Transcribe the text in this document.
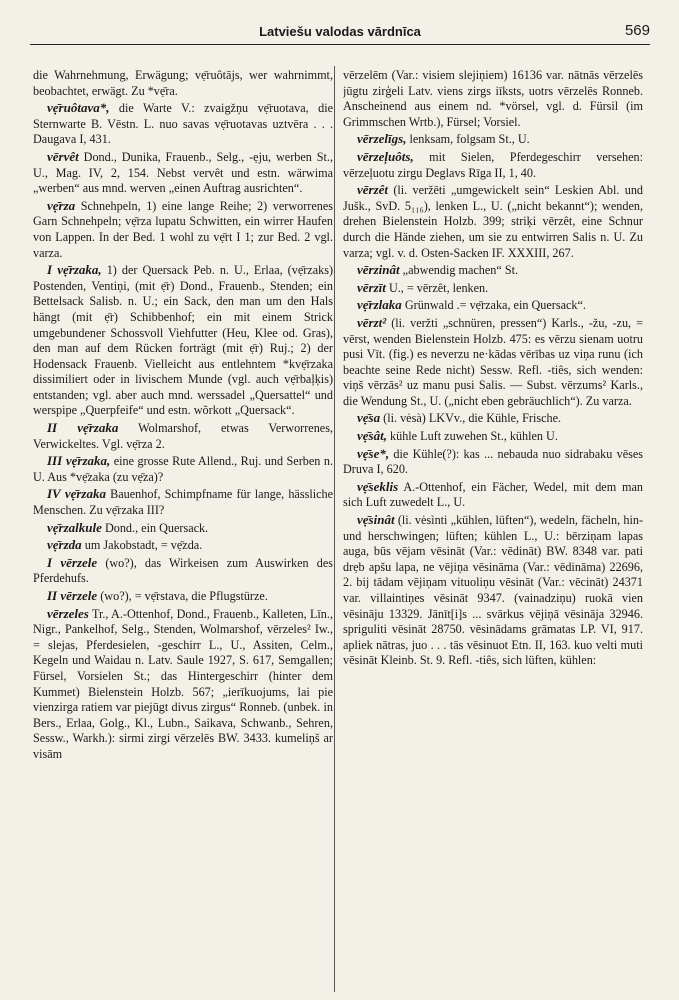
Latviešu valodas vārdnīca	569

die Wahrnehmung, Erwägung; vẹ̄ruôtājs, wer wahrnimmt, beobachtet, erwägt. Zu *vẹ̄ra.

vẹ̄ruôtava*, die Warte V.: zvaigžņu vẹ̄ruotava, die Sternwarte B. Vēstn. L. nuo savas vẹ̄ruotavas uztvēra . . . Daugava I, 431.

vērvêt Dond., Dunika, Frauenb., Selg., -ẹju, werben St., U., Mag. IV, 2, 154. Nebst vervêt und estn. wärwima „werben“ aus mnd. werven „einen Auftrag ausrichten“.

vẹ̄rza Schnehpeln, 1) eine lange Reihe; 2) verworrenes Garn Schnehpeln; vẹ̄rza lupatu Schwitten, ein wirrer Haufen von Lappen. In der Bed. 1 wohl zu vẹ̄rt I 1; zur Bed. 2 vgl. varza.

I vẹ̄rzaka, 1) der Quersack Peb. n. U., Erlaa, (vẹ̄rzaks) Postenden, Ventiņi, (mit ẹ̄r) Dond., Frauenb., Stenden; ein Bettelsack Salisb. n. U.; ein Sack, den man um den Hals hängt (mit ẹ̄r) Schibbenhof; ein mit einem Strick umgebundener Schossvoll Viehfutter (Heu, Klee od. Gras), den man auf dem Rücken forträgt (mit ẹ̄r) Ruj.; 2) der Hodensack Frauenb. Vielleicht aus entlehntem *kvẹ̄rzaka dissimiliert oder in livischem Munde (vgl. auch vẹ̄rbaļķis) entstanden; vgl. aber auch mnd. werssadel „Quersattel“ und werspipe „Querpfeife“ und estn. wõrkott „Quersack“.

II vẹ̄rzaka Wolmarshof, etwas Verworrenes, Verwickeltes. Vgl. vẹ̄rza 2.

III vẹ̄rzaka, eine grosse Rute Allend., Ruj. und Serben n. U. Aus *vẹ̄zaka (zu vẹ̄za)?

IV vẹ̄rzaka Bauenhof, Schimpfname für lange, hässliche Menschen. Zu vẹ̄rzaka III?

vẹ̄rzalkule Dond., ein Quersack.

vẹ̄rzda um Jakobstadt, = vẹ̄zda.

I vērzele (wo?), das Wirkeisen zum Auswirken des Pferdehufs.

II vērzele (wo?), = vẹ̄rstava, die Pflugstürze.

vērzeles Tr., A.-Ottenhof, Dond., Frauenb., Kalleten, Līn., Nigr., Pankelhof, Selg., Stenden, Wolmarshof, vērzeles² Iw., = slejas, Pferdesielen, -geschirr L., U., Assiten, Celm., Kegeln und Waidau n. Latv. Saule 1927, S. 617, Semgallen; Fürsel, Vorsielen St.; das Hintergeschirr (hinter dem Kummet) Bielenstein Holzb. 567; „ierīkuojums, lai pie vienzirga ratiem var piejūgt divus zirgus“ Ronneb. (unbek. in Bers., Erlaa, Golg., Kl., Lubn., Saikava, Schwanb., Sehren, Sessw., Warkh.): sirmi zirgi vērzelēs BW. 3433. kumeliņš ar visām

vērzelēm (Var.: visiem slejiņiem) 16136 var. nātnās vērzelēs jūgtu zirģeli Latv. viens zirgs iīksts, uotrs vērzelēs Ronneb. Anscheinend aus einem nd. *vörsel, vgl. d. Fürsil (im Grimmschen Wrtb.), Fürsel; Vorsiel.

vērzelīgs, lenksam, folgsam St., U.

vērzeļuôts, mit Sielen, Pferdegeschirr versehen: vērzeļuotu zirgu Deglavs Rīga II, 1, 40.

vērzêt (li. veržēti „umgewickelt sein“ Leskien Abl. und Jušk., SvD. 5₁₁₆), lenken L., U. („nicht bekannt“); wenden, drehen Bielenstein Holzb. 399; striķi vērzêt, eine Schnur durch die Hände ziehen, um sie zu entwirren Salis n. U. Zu varza; vgl. v. d. Osten-Sacken IF. XXXIII, 267.

vērzinât „abwendig machen“ St.

vērzīt U., = vērzêt, lenken.

vẹ̄rzlaka Grünwald .= vẹ̄rzaka, ein Quersack“.

vērzt² (li. veržti „schnüren, pressen“) Karls., -žu, -zu, = vērst, wenden Bielenstein Holzb. 475: es vērzu sienam uotru pusi Vīt. (fig.) es neverzu ne·kādas vērības uz viņa runu (ich beachte seine Rede nicht) Sessw. Refl. -tiês, sich wenden: viņš vērzās² uz manu pusi Salis. — Subst. vērzums² Karls., die Wendung St., U. („nicht eben gebräuchlich“). Zu varza.

vẹ̄sa (li. vėsà) LKVv., die Kühle, Frische.

vẹ̄sât, kühle Luft zuwehen St., kühlen U.

vẹ̄se*, die Kühle(?): kas ... nebauda nuo sidrabaku vēses Druva I, 620.

vẹ̄seklis A.-Ottenhof, ein Fächer, Wedel, mit dem man sich Luft zuwedelt L., U.

vẹ̄sinât (li. vėsìnti „kühlen, lüften“), wedeln, fächeln, hin- und herschwingen; lüften; kühlen L., U.: bērziņam lapas auga, būs vējam vēsināt (Var.: vēdināt) BW. 8348 var. pati drẹb apšu lapa, ne vējiņa vēsināma (Var.: vēdināma) 22696, 2. bij tādam vējiņam vituoliņu vēsināt (Var.: vēcināt) 24371 var. villaintiņes vēsināt 9347. (vainadziņu) ruokā vien vēsināju 13329. Jānīt[i]s ... svārkus vējiņā vēsināja 32946. spriguliti vēsināt 28750. vēsinādams grāmatas LP. VI, 917. apliek nātras, juo . . . tās vēsinuot Etn. II, 163. kuo velti muti vēsināt Kleinb. St. 9. Refl. -tiês, sich lüften, kühlen:
